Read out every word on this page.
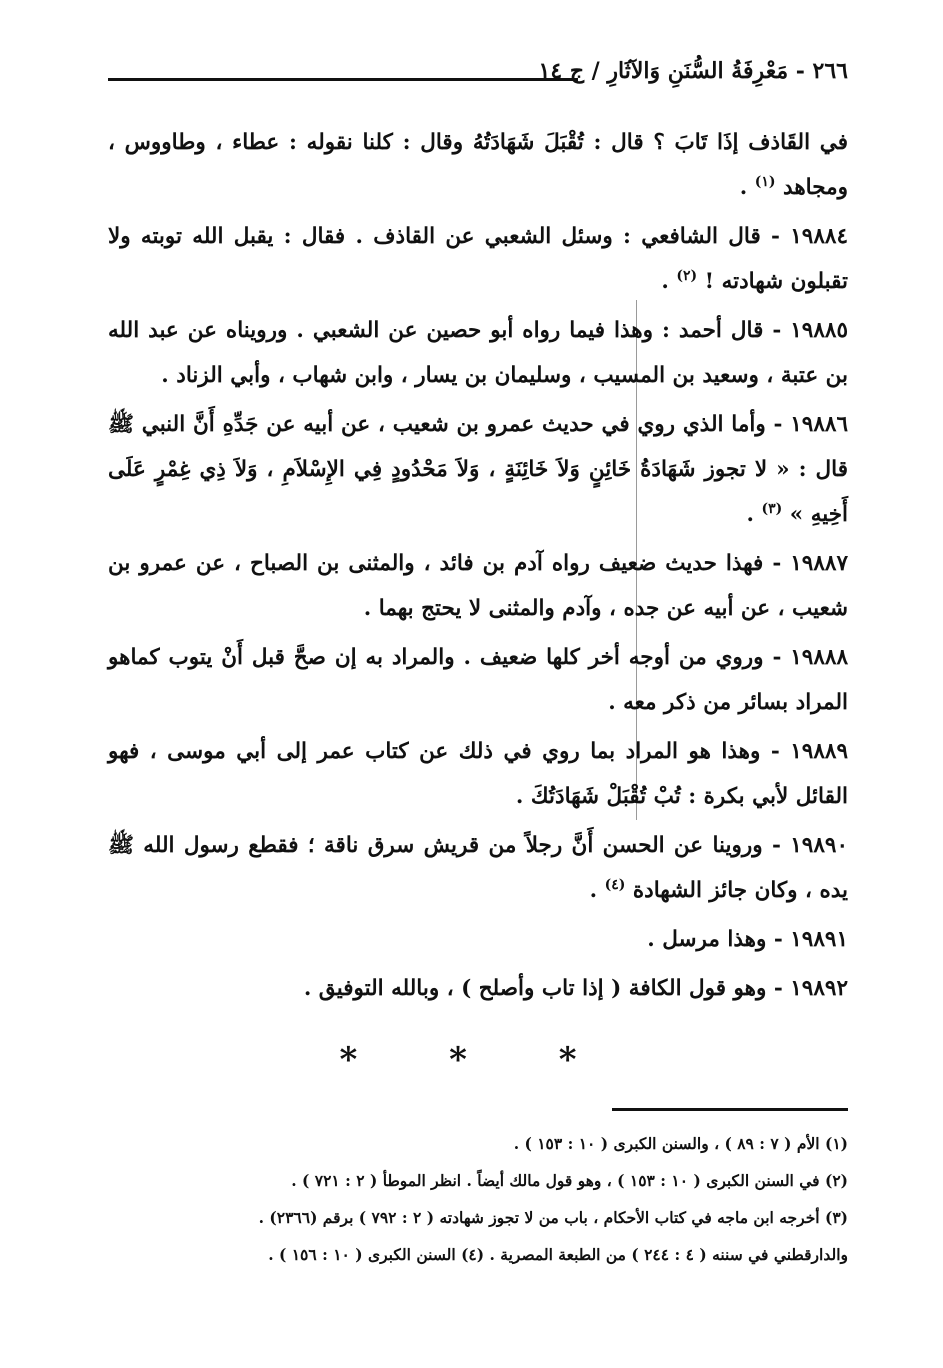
٢٦٦ - مَعْرِفَةُ السُّنَنِ وَالآثَارِ / ج ١٤

في القَاذف إذَا تَابَ ؟ قال : تُقْبَلَ شَهَادَتُهُ وقال : كلنا نقوله : عطاء ، وطاووس ، ومجاهد $^{(١)}$ .

١٩٨٨٤ - قال الشافعي : وسئل الشعبي عن القاذف . فقال : يقبل الله توبته ولا تقبلون شهادته ! $^{(٢)}$ .

١٩٨٨٥ - قال أحمد : وهذا فيما رواه أبو حصين عن الشعبي . ورويناه عن عبد الله بن عتبة ، وسعيد بن المسيب ، وسليمان بن يسار ، وابن شهاب ، وأبي الزناد .

١٩٨٨٦ - وأما الذي روي في حديث عمرو بن شعيب ، عن أبيه عن جَدِّهِ أَنَّ النبي ﷺ قال : « لا تجوز شَهَادَةُ خَائِنٍ وَلاَ خَائِنَةٍ ، وَلاَ مَحْدُودٍ فِي الإِسْلاَمِ ، وَلاَ ذِي غِمْرٍ عَلَى أَخِيهِ » $^{(٣)}$ .

١٩٨٨٧ - فهذا حديث ضعيف رواه آدم بن فائد ، والمثنى بن الصباح ، عن عمرو بن شعيب ، عن أبيه عن جده ، وآدم والمثنى لا يحتج بهما .

١٩٨٨٨ - وروي من أوجه أخر كلها ضعيف . والمراد به إن صحَّ قبل أَنْ يتوب كماهو المراد بسائر من ذكر معه .

١٩٨٨٩ - وهذا هو المراد بما روي في ذلك عن كتاب عمر إلى أبي موسى ، فهو القائل لأبي بكرة : تُبْ تُقْبَلْ شَهَادَتُكَ .

١٩٨٩٠ - وروينا عن الحسن أَنَّ رجلاً من قريش سرق ناقة ؛ فقطع رسول الله ﷺ يده ، وكان جائز الشهادة $^{(٤)}$ .

١٩٨٩١ - وهذا مرسل .

١٩٨٩٢ - وهو قول الكافة ( إذا تاب وأصلح ) ، وبالله التوفيق .

* * *

(١) الأم ( ٧ : ٨٩ ) ، والسنن الكبرى ( ١٠ : ١٥٣ ) .

(٢) في السنن الكبرى ( ١٠ : ١٥٣ ) ، وهو قول مالك أيضاً . انظر الموطأ ( ٢ : ٧٢١ ) .

(٣) أخرجه ابن ماجه في كتاب الأحكام ، باب من لا تجوز شهادته ( ٢ : ٧٩٢ ) برقم (٢٣٦٦) .

والدارقطني في سننه ( ٤ : ٢٤٤ ) من الطبعة المصرية . (٤) السنن الكبرى ( ١٠ : ١٥٦ ) .
